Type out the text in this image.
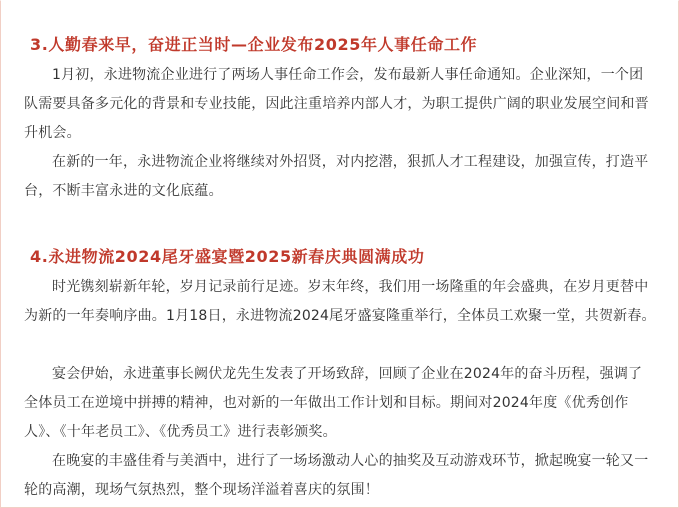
3.人勤春来早，奋进正当时—企业发布2025年人事任命工作

1月初，永进物流企业进行了两场人事任命工作会，发布最新人事任命通知。企业深知，一个团队需要具备多元化的背景和专业技能，因此注重培养内部人才，为职工提供广阔的职业发展空间和晋升机会。

在新的一年，永进物流企业将继续对外招贤，对内挖潜，狠抓人才工程建设，加强宣传，打造平台，不断丰富永进的文化底蕴。

4.永进物流2024尾牙盛宴暨2025新春庆典圆满成功

时光镌刻崭新年轮，岁月记录前行足迹。岁末年终，我们用一场隆重的年会盛典，在岁月更替中为新的一年奏响序曲。1月18日，永进物流2024尾牙盛宴隆重举行，全体员工欢聚一堂，共贺新春。

宴会伊始，永进董事长阙伏龙先生发表了开场致辞，回顾了企业在2024年的奋斗历程，强调了全体员工在逆境中拼搏的精神，也对新的一年做出工作计划和目标。期间对2024年度《优秀创作人》、《十年老员工》、《优秀员工》进行表彰颁奖。

在晚宴的丰盛佳肴与美酒中，进行了一场场激动人心的抽奖及互动游戏环节，掀起晚宴一轮又一轮的高潮，现场气氛热烈，整个现场洋溢着喜庆的氛围！
